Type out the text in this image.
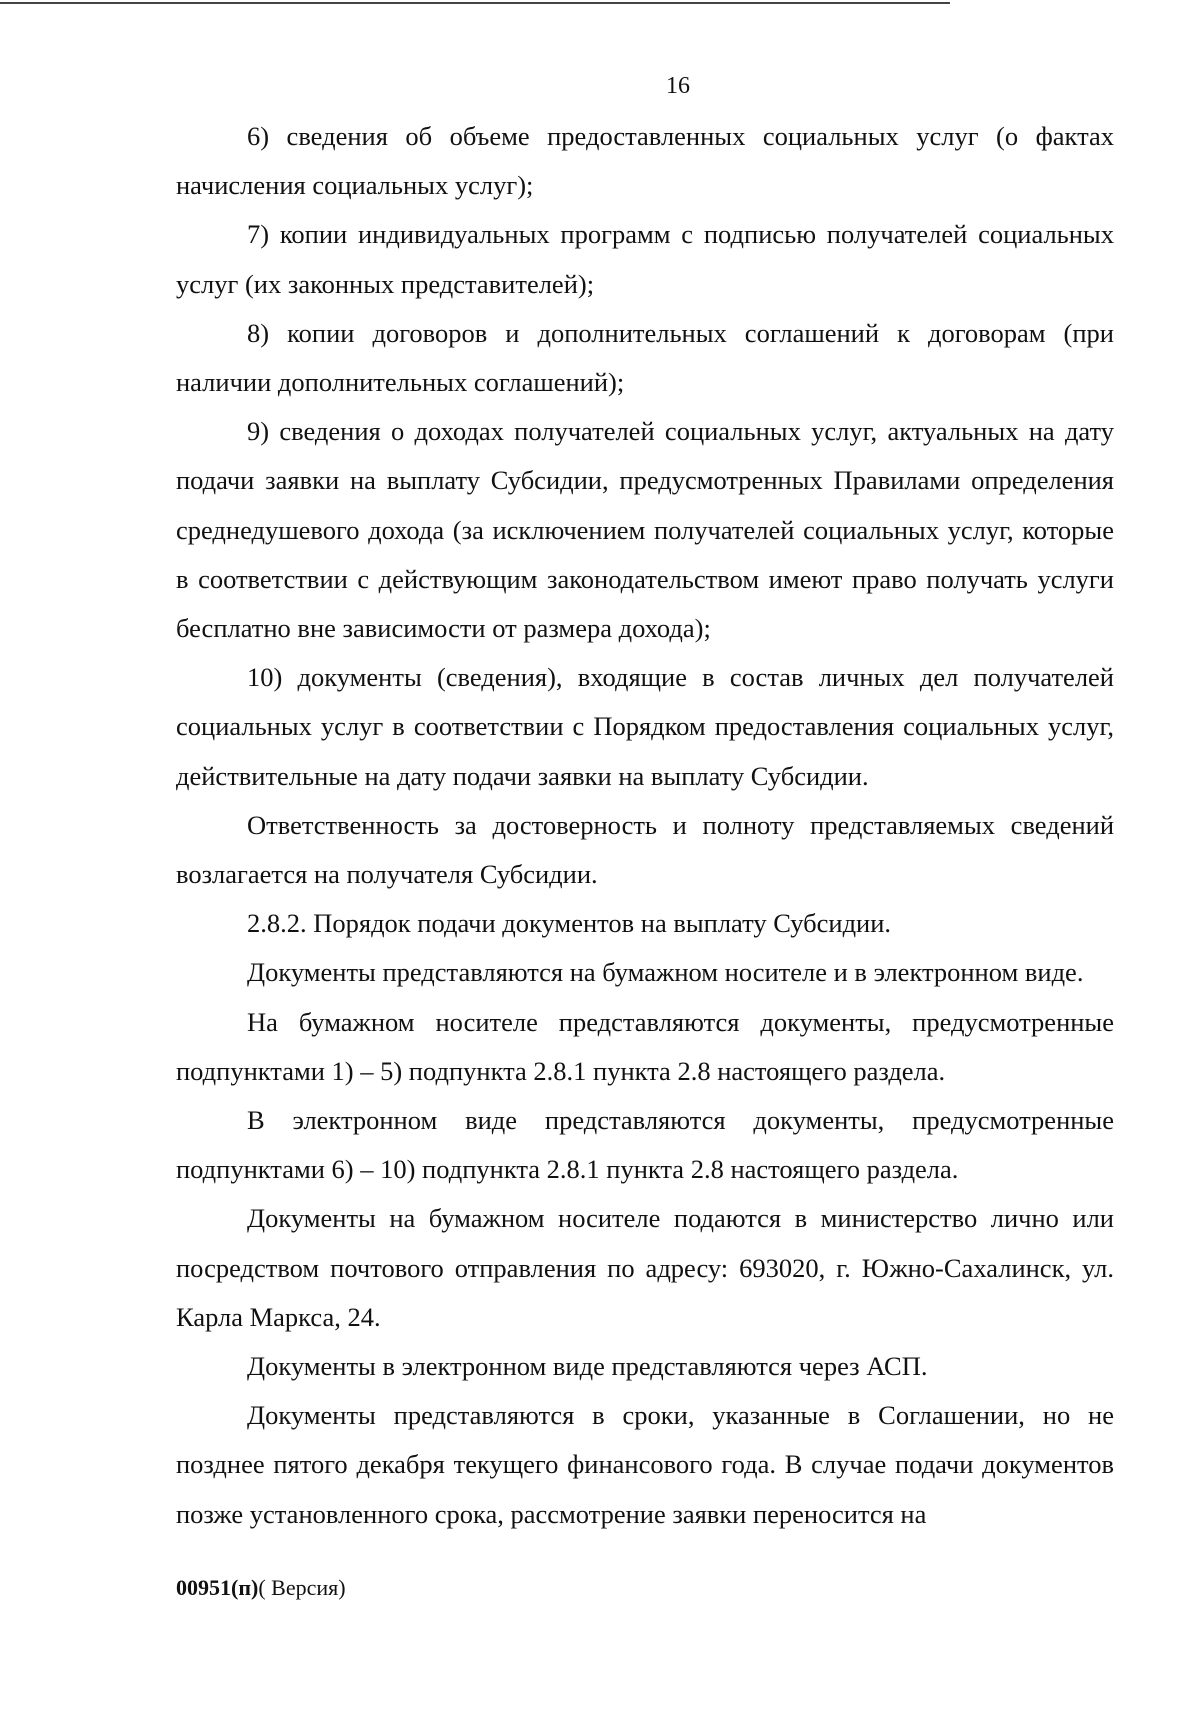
16

6) сведения об объеме предоставленных социальных услуг (о фактах начисления социальных услуг);

7) копии индивидуальных программ с подписью получателей социальных услуг (их законных представителей);

8) копии договоров и дополнительных соглашений к договорам (при наличии дополнительных соглашений);

9) сведения о доходах получателей социальных услуг, актуальных на дату подачи заявки на выплату Субсидии, предусмотренных Правилами определения среднедушевого дохода (за исключением получателей социальных услуг, которые в соответствии с действующим законодательством имеют право получать услуги бесплатно вне зависимости от размера дохода);

10) документы (сведения), входящие в состав личных дел получателей социальных услуг в соответствии с Порядком предоставления социальных услуг, действительные на дату подачи заявки на выплату Субсидии.

Ответственность за достоверность и полноту представляемых сведений возлагается на получателя Субсидии.

2.8.2. Порядок подачи документов на выплату Субсидии.

Документы представляются на бумажном носителе и в электронном виде.

На бумажном носителе представляются документы, предусмотренные подпунктами 1) – 5) подпункта 2.8.1 пункта 2.8 настоящего раздела.

В электронном виде представляются документы, предусмотренные подпунктами 6) – 10) подпункта 2.8.1 пункта 2.8 настоящего раздела.

Документы на бумажном носителе подаются в министерство лично или посредством почтового отправления по адресу: 693020, г. Южно-Сахалинск, ул. Карла Маркса, 24.

Документы в электронном виде представляются через АСП.

Документы представляются в сроки, указанные в Соглашении, но не позднее пятого декабря текущего финансового года. В случае подачи документов позже установленного срока, рассмотрение заявки переносится на

00951(п)( Версия)
